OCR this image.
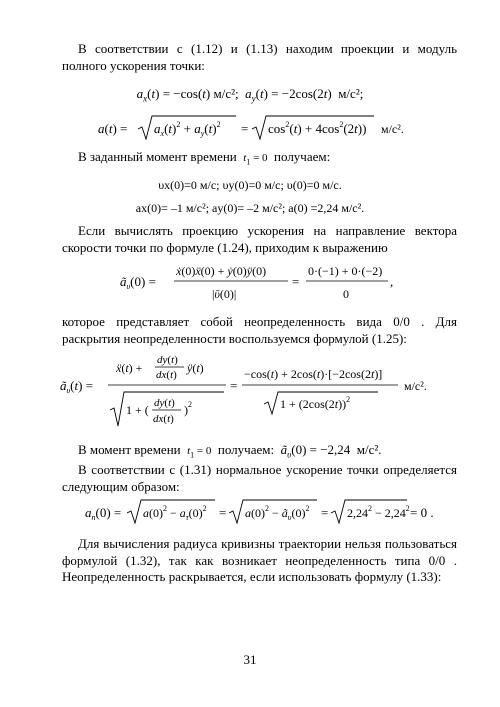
В соответствии с (1.12) и (1.13) находим проекции и модуль полного ускорения точки:

$a_x(t) = -\cos(t)$ м/с²;  $a_y(t) = -2\cos(2t)$  м/с²;
$a(t) = a_x(t)^2 + a_y(t)^2 = \cos^2(t) + 4\cos^2(2t)$) м/с².
В заданный момент времени $t_1 = 0$ получаем:
υx(0)=0 м/с; υy(0)=0 м/с; υ(0)=0 м/с.
ax(0)= –1 м/с²; ay(0)= –2 м/с²; a(0) =2,24 м/с².

Если вычислять проекцию ускорения на направление вектора скорости точки по формуле (1.24), приходим к выражению

$ã_\upsilon(0)$ =
ẋ(0)ẍ(0) + ẏ(0)ÿ(0)
|ῡ(0)|
=
0·(−1) + 0·(−2)
0
,

которое представляет собой неопределенность вида 0/0 . Для раскрытия неопределенности воспользуемся формулой (1.25):

$ã_\upsilon(t)$ =
ẍ(t) +
dy(t)
dx(t) ÿ(t)
1 + ( dy(t)
dx(t)
)$^2$
=
−cos(t) + 2cos(t)·[−2cos(2t)]
$1 + (2\cos(2t))^2$
м/с².
В момент времени $t_1 = 0$ получаем: $ã_\upsilon(0) = -2,24$  м/с².

В соответствии с (1.31) нормальное ускорение точки определяется следующим образом:

$a_n(0) = a(0)^2 - a_\tau(0)^2 = a(0)^2$ − $ã_\upsilon(0)^2 = 2,24^2 - 2,24^2 = 0$ .

Для вычисления радиуса кривизны траектории нельзя пользоваться формулой (1.32), так как возникает неопределенность типа 0/0 . Неопределенность раскрывается, если использовать формулу (1.33):

31
